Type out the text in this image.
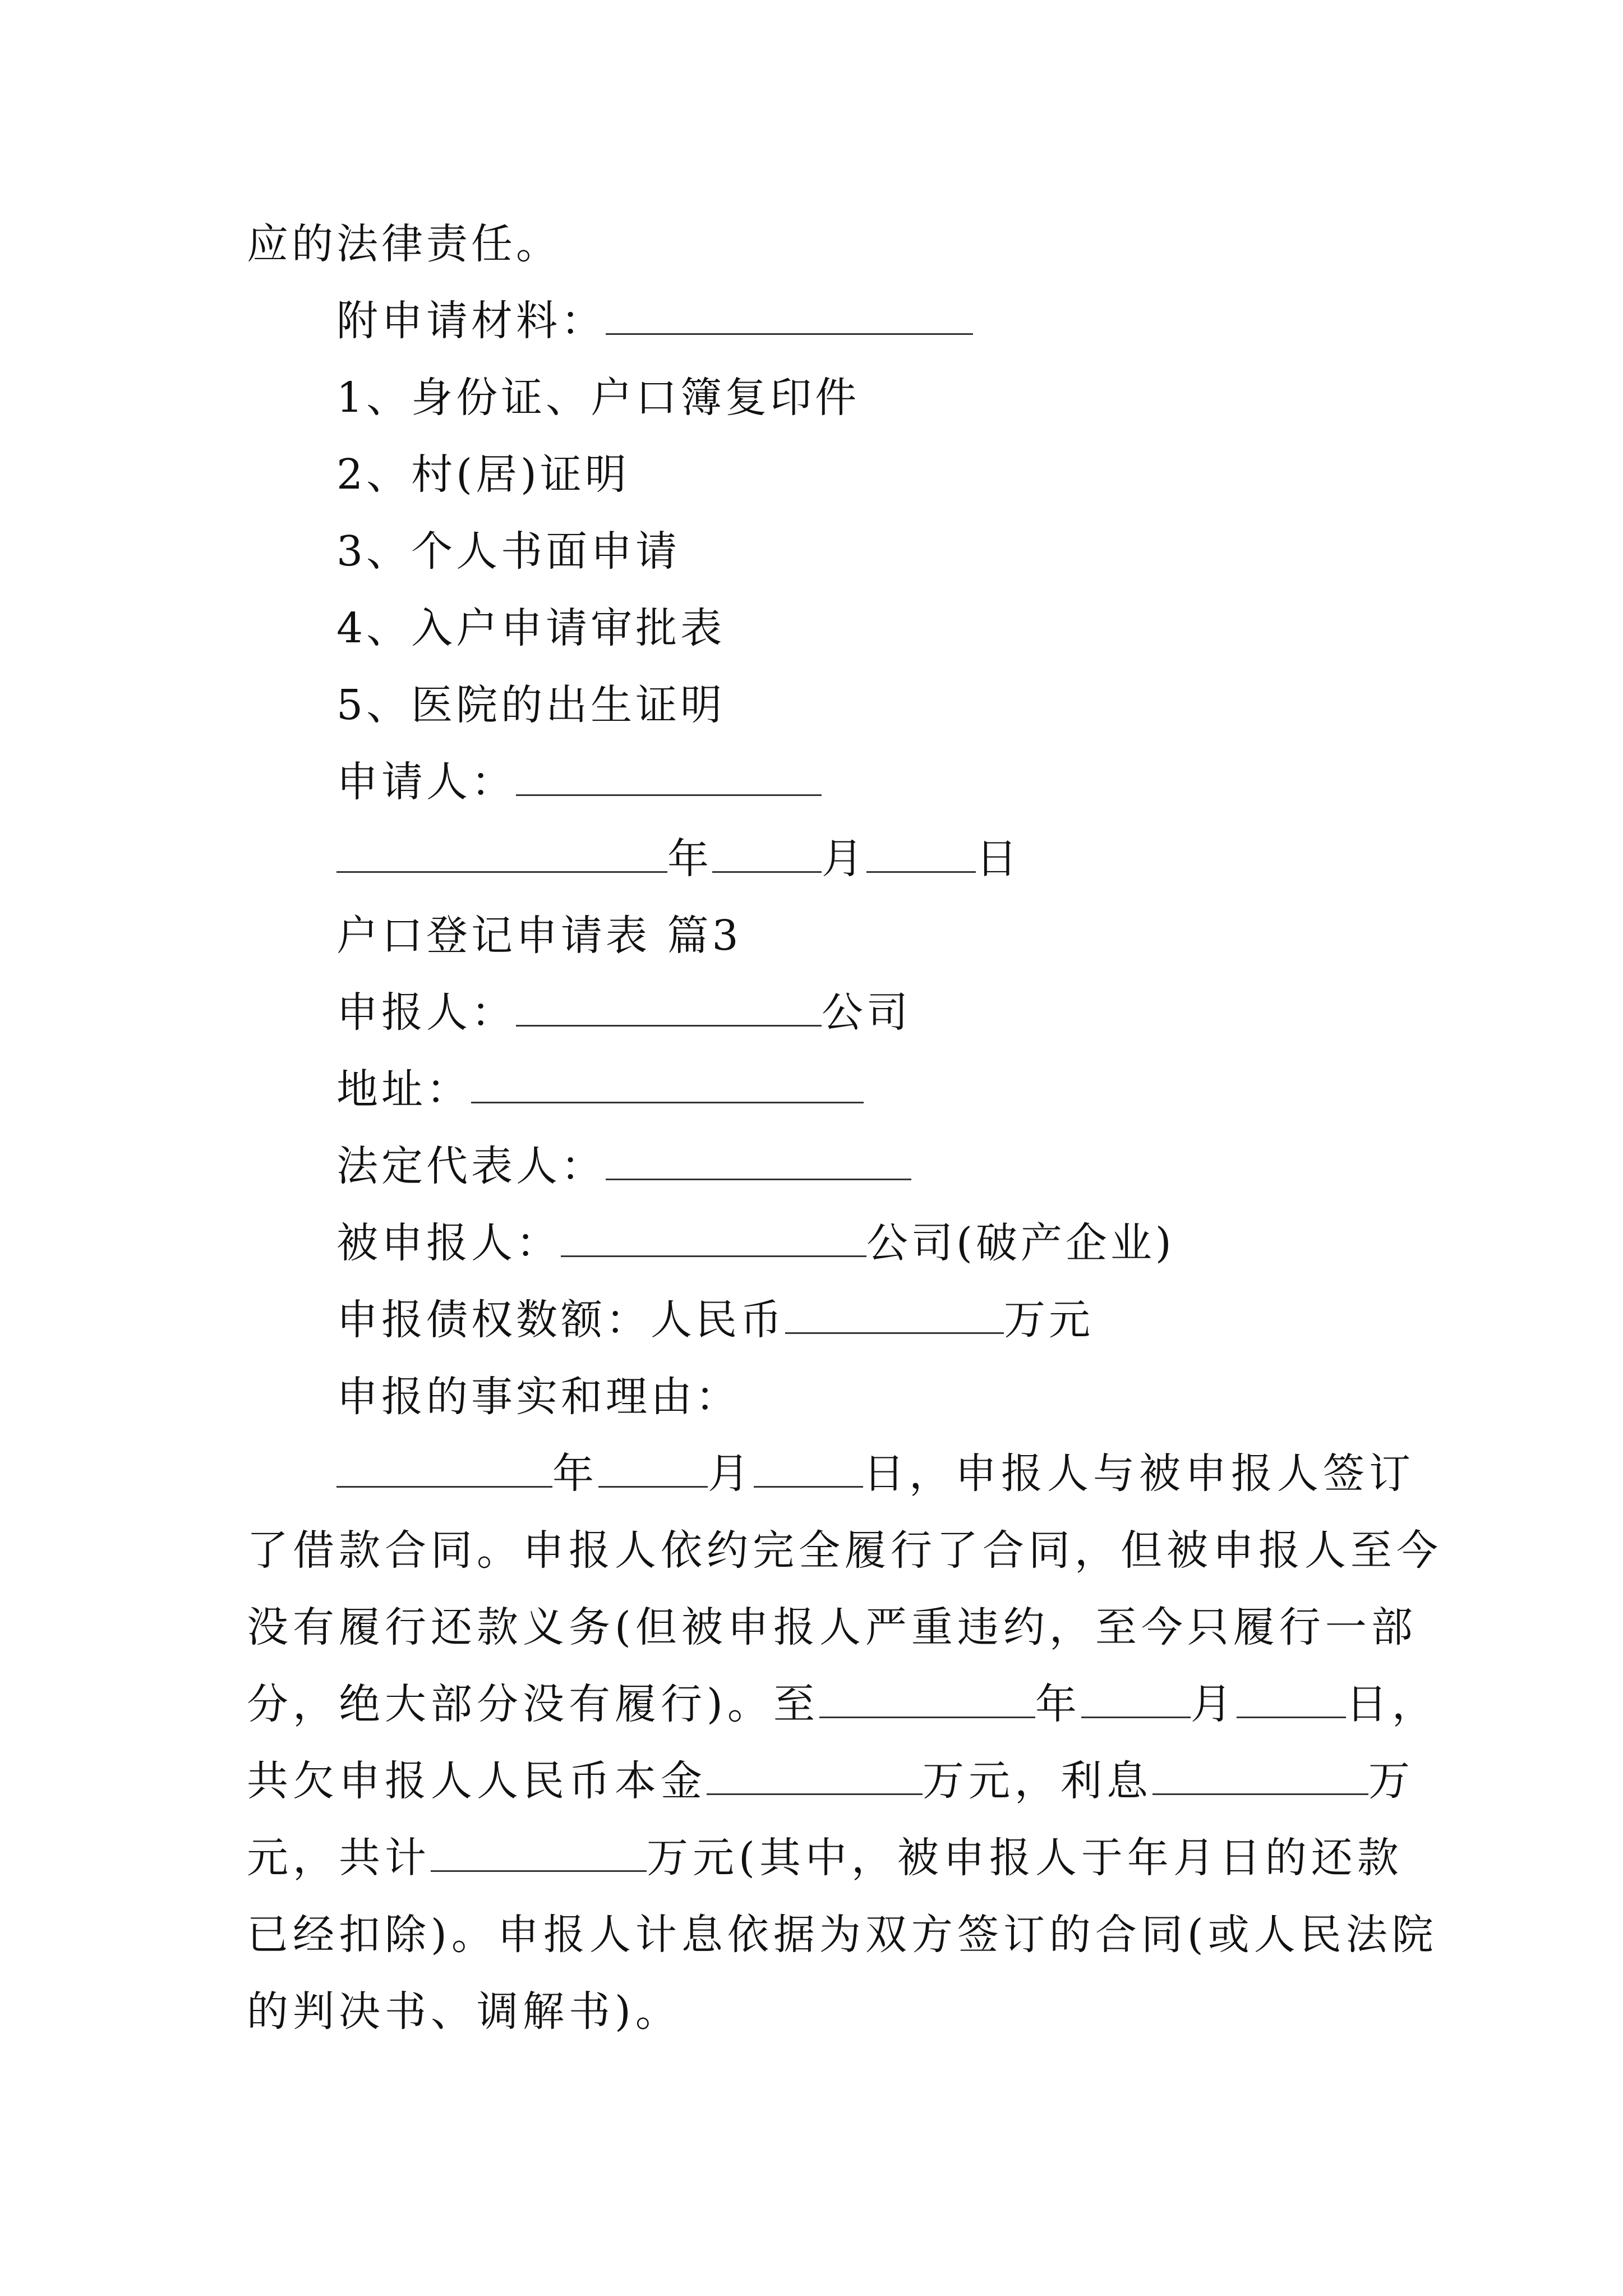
应的法律责任。
附申请材料：
1、身份证、户口簿复印件
2、村(居)证明
3、个人书面申请
4、入户申请审批表
5、医院的出生证明
申请人：
年	月	日
户口登记申请表 篇3
申报人：	公司
地址：
法定代表人：
被申报人：	公司(破产企业)
申报债权数额：人民币	万元
申报的事实和理由：
年	月	日，申报人与被申报人签订
了借款合同。申报人依约完全履行了合同，但被申报人至今
没有履行还款义务(但被申报人严重违约，至今只履行一部
分，绝大部分没有履行)。至	年	月	日，
共欠申报人人民币本金	万元，利息	万
元，共计	万元(其中，被申报人于年月日的还款
已经扣除)。申报人计息依据为双方签订的合同(或人民法院
的判决书、调解书)。
